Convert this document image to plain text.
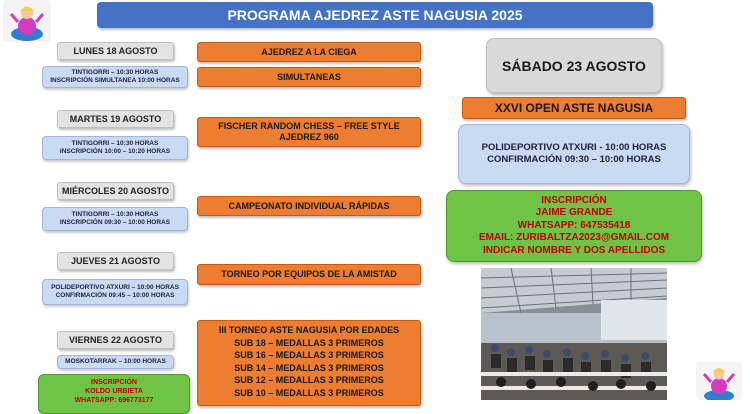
PROGRAMA AJEDREZ ASTE NAGUSIA 2025
LUNES 18 AGOSTO
TINTIGORRI – 10:30 HORAS
INSCRIPCIÓN SIMULTANEA 10:00 HORAS
MARTES 19 AGOSTO
TINTIGORRI – 10:30 HORAS
INSCRIPCIÓN 10:00 – 10:20 HORAS
MIÉRCOLES 20 AGOSTO
TINTIGORRI – 10:30 HORAS
INSCRIPCIÓN 09:30 – 10:00 HORAS
JUEVES 21 AGOSTO
POLIDEPORTIVO ATXURI – 10:00 HORAS
CONFIRMACIÓN 09:45 – 10:00 HORAS
VIERNES 22 AGOSTO
MOSKOTARRAK – 10:00 HORAS
INSCRIPCIÓN
KOLDO URBIETA
WHATSAPP: 696773177
AJEDREZ A LA CIEGA
SIMULTANEAS
FISCHER RANDOM CHESS – FREE STYLE
AJEDREZ 960
CAMPEONATO INDIVIDUAL RÁPIDAS
TORNEO POR EQUIPOS DE LA AMISTAD
III TORNEO ASTE NAGUSIA POR EDADES
SUB 18 – MEDALLAS 3 PRIMEROS
SUB 16 – MEDALLAS 3 PRIMEROS
SUB 14 – MEDALLAS 3 PRIMEROS
SUB 12 – MEDALLAS 3 PRIMEROS
SUB 10 – MEDALLAS 3 PRIMEROS
SÁBADO 23 AGOSTO
XXVI OPEN ASTE NAGUSIA
POLIDEPORTIVO ATXURI - 10:00 HORAS
CONFIRMACIÓN 09:30 – 10:00 HORAS
INSCRIPCIÓN
JAIME GRANDE
WHATSAPP: 647535418
EMAIL: ZURIBALTZA2023@GMAIL.COM
INDICAR NOMBRE Y DOS APELLIDOS
